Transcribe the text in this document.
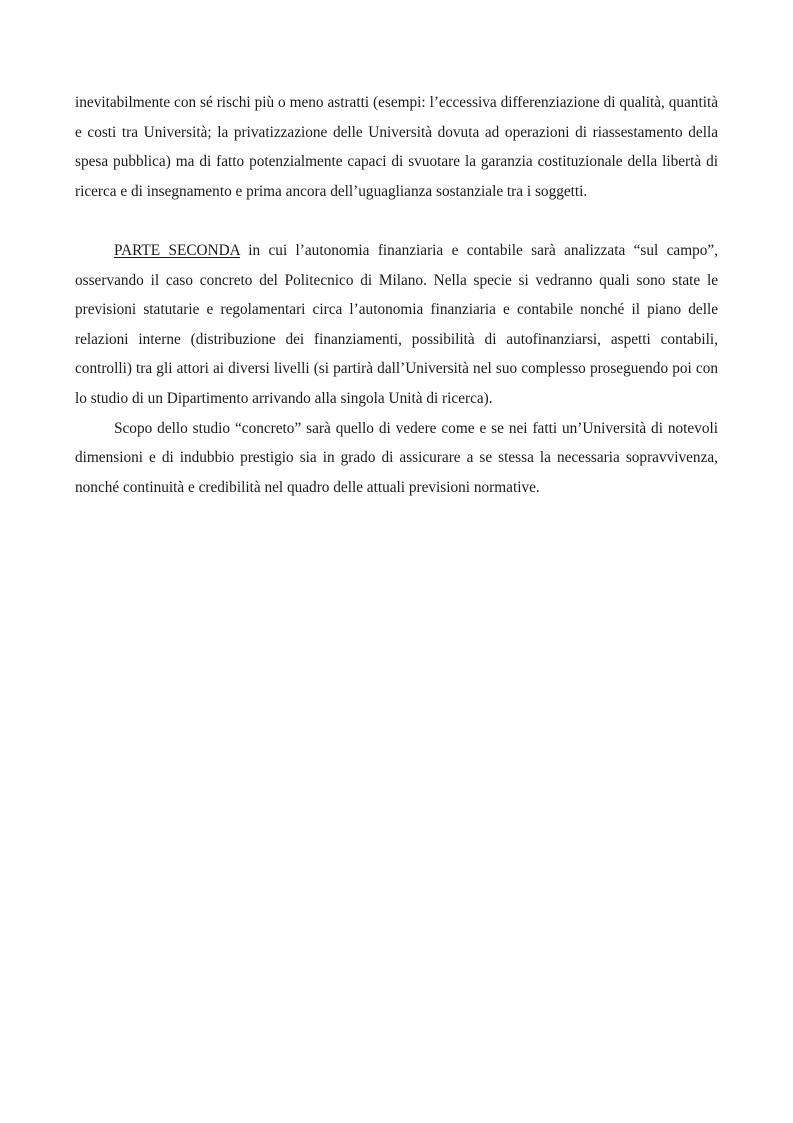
inevitabilmente con sé rischi più o meno astratti (esempi: l’eccessiva differenziazione di qualità, quantità e costi tra Università; la privatizzazione delle Università dovuta ad operazioni di riassestamento della spesa pubblica) ma di fatto potenzialmente capaci di svuotare la garanzia costituzionale della libertà di ricerca e di insegnamento e prima ancora dell’uguaglianza sostanziale tra i soggetti.

PARTE SECONDA in cui l’autonomia finanziaria e contabile sarà analizzata “sul campo”, osservando il caso concreto del Politecnico di Milano. Nella specie si vedranno quali sono state le previsioni statutarie e regolamentari circa l’autonomia finanziaria e contabile nonché il piano delle relazioni interne (distribuzione dei finanziamenti, possibilità di autofinanziarsi, aspetti contabili, controlli) tra gli attori ai diversi livelli (si partirà dall’Università nel suo complesso proseguendo poi con lo studio di un Dipartimento arrivando alla singola Unità di ricerca).

Scopo dello studio “concreto” sarà quello di vedere come e se nei fatti un’Università di notevoli dimensioni e di indubbio prestigio sia in grado di assicurare a se stessa la necessaria sopravvivenza, nonché continuità e credibilità nel quadro delle attuali previsioni normative.
